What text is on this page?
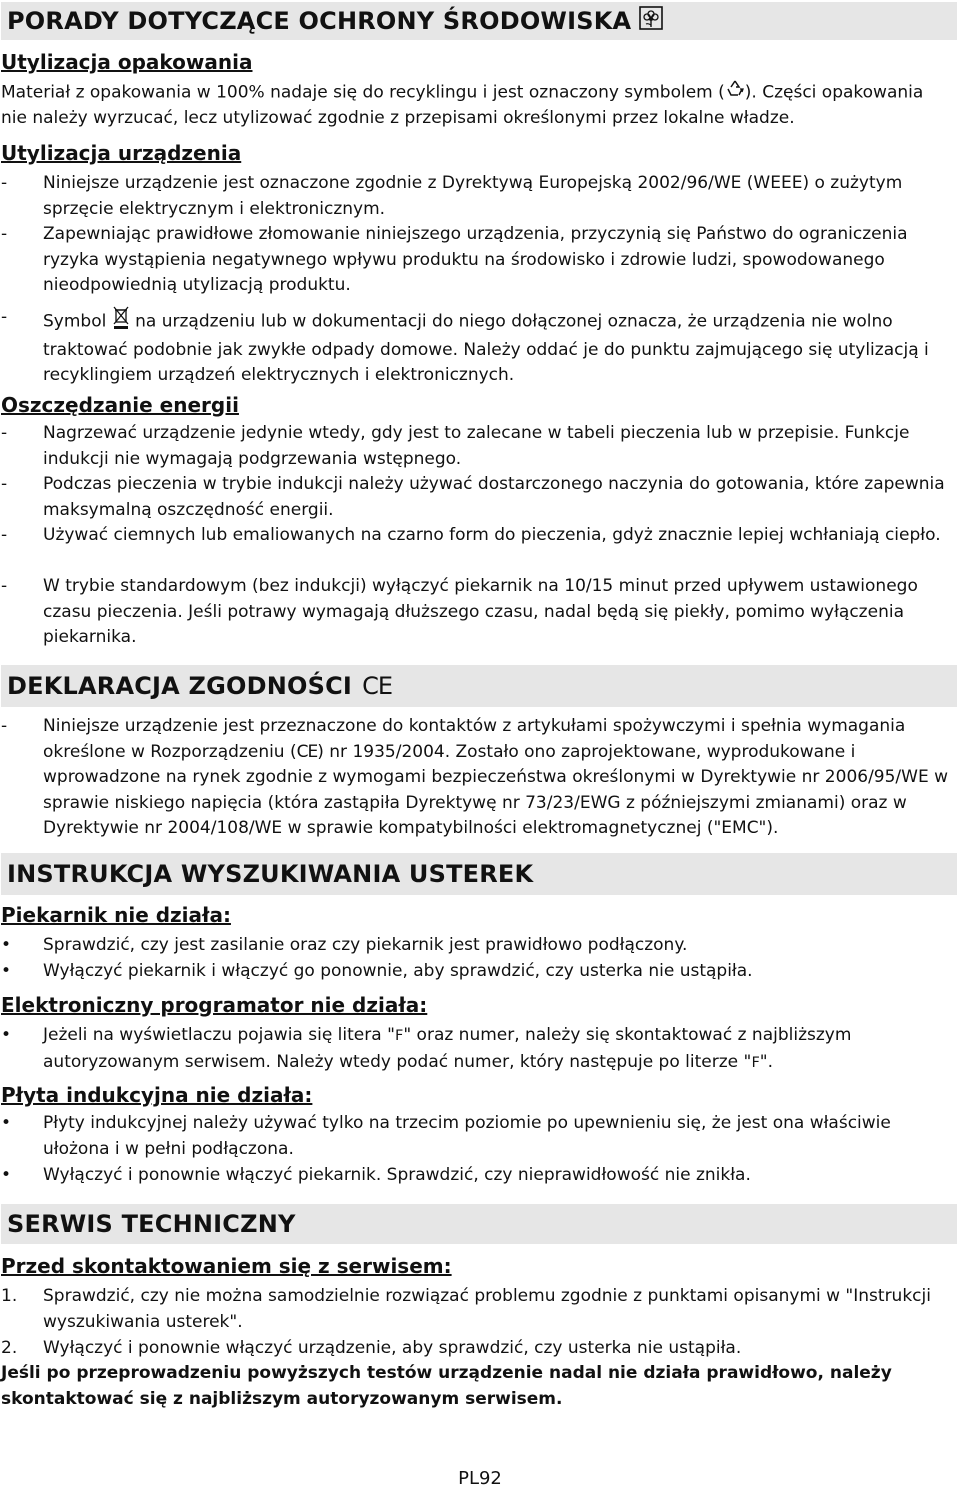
PORADY DOTYCZĄCE OCHRONY ŚRODOWISKA
Utylizacja opakowania
Materiał z opakowania w 100% nadaje się do recyklingu i jest oznaczony symbolem ( ). Części opakowania nie należy wyrzucać, lecz utylizować zgodnie z przepisami określonymi przez lokalne władze.
Utylizacja urządzenia
-	Niniejsze urządzenie jest oznaczone zgodnie z Dyrektywą Europejską 2002/96/WE (WEEE) o zużytym sprzęcie elektrycznym i elektronicznym.
-	Zapewniając prawidłowe złomowanie niniejszego urządzenia, przyczynią się Państwo do ograniczenia ryzyka wystąpienia negatywnego wpływu produktu na środowisko i zdrowie ludzi, spowodowanego nieodpowiednią utylizacją produktu.
-	Symbol na urządzeniu lub w dokumentacji do niego dołączonej oznacza, że urządzenia nie wolno traktować podobnie jak zwykłe odpady domowe. Należy oddać je do punktu zajmującego się utylizacją i recyklingiem urządzeń elektrycznych i elektronicznych.
Oszczędzanie energii
-	Nagrzewać urządzenie jedynie wtedy, gdy jest to zalecane w tabeli pieczenia lub w przepisie. Funkcje indukcji nie wymagają podgrzewania wstępnego.
-	Podczas pieczenia w trybie indukcji należy używać dostarczonego naczynia do gotowania, które zapewnia maksymalną oszczędność energii.
-	Używać ciemnych lub emaliowanych na czarno form do pieczenia, gdyż znacznie lepiej wchłaniają ciepło.
-	W trybie standardowym (bez indukcji) wyłączyć piekarnik na 10/15 minut przed upływem ustawionego czasu pieczenia. Jeśli potrawy wymagają dłuższego czasu, nadal będą się piekły, pomimo wyłączenia piekarnika.
DEKLARACJA ZGODNOŚCI CE
-	Niniejsze urządzenie jest przeznaczone do kontaktów z artykułami spożywczymi i spełnia wymagania określone w Rozporządzeniu (CE) nr 1935/2004. Zostało ono zaprojektowane, wyprodukowane i wprowadzone na rynek zgodnie z wymogami bezpieczeństwa określonymi w Dyrektywie nr 2006/95/WE w sprawie niskiego napięcia (która zastąpiła Dyrektywę nr 73/23/EWG z późniejszymi zmianami) oraz w Dyrektywie nr 2004/108/WE w sprawie kompatybilności elektromagnetycznej ("EMC").
INSTRUKCJA WYSZUKIWANIA USTEREK
Piekarnik nie działa:
•	Sprawdzić, czy jest zasilanie oraz czy piekarnik jest prawidłowo podłączony.
•	Wyłączyć piekarnik i włączyć go ponownie, aby sprawdzić, czy usterka nie ustąpiła.
Elektroniczny programator nie działa:
•	Jeżeli na wyświetlaczu pojawia się litera "F" oraz numer, należy się skontaktować z najbliższym autoryzowanym serwisem. Należy wtedy podać numer, który następuje po literze "F".
Płyta indukcyjna nie działa:
•	Płyty indukcyjnej należy używać tylko na trzecim poziomie po upewnieniu się, że jest ona właściwie ułożona i w pełni podłączona.
•	Wyłączyć i ponownie włączyć piekarnik. Sprawdzić, czy nieprawidłowość nie znikła.
SERWIS TECHNICZNY
Przed skontaktowaniem się z serwisem:
1.	Sprawdzić, czy nie można samodzielnie rozwiązać problemu zgodnie z punktami opisanymi w "Instrukcji wyszukiwania usterek".
2.	Wyłączyć i ponownie włączyć urządzenie, aby sprawdzić, czy usterka nie ustąpiła.
Jeśli po przeprowadzeniu powyższych testów urządzenie nadal nie działa prawidłowo, należy skontaktować się z najbliższym autoryzowanym serwisem.
PL92
